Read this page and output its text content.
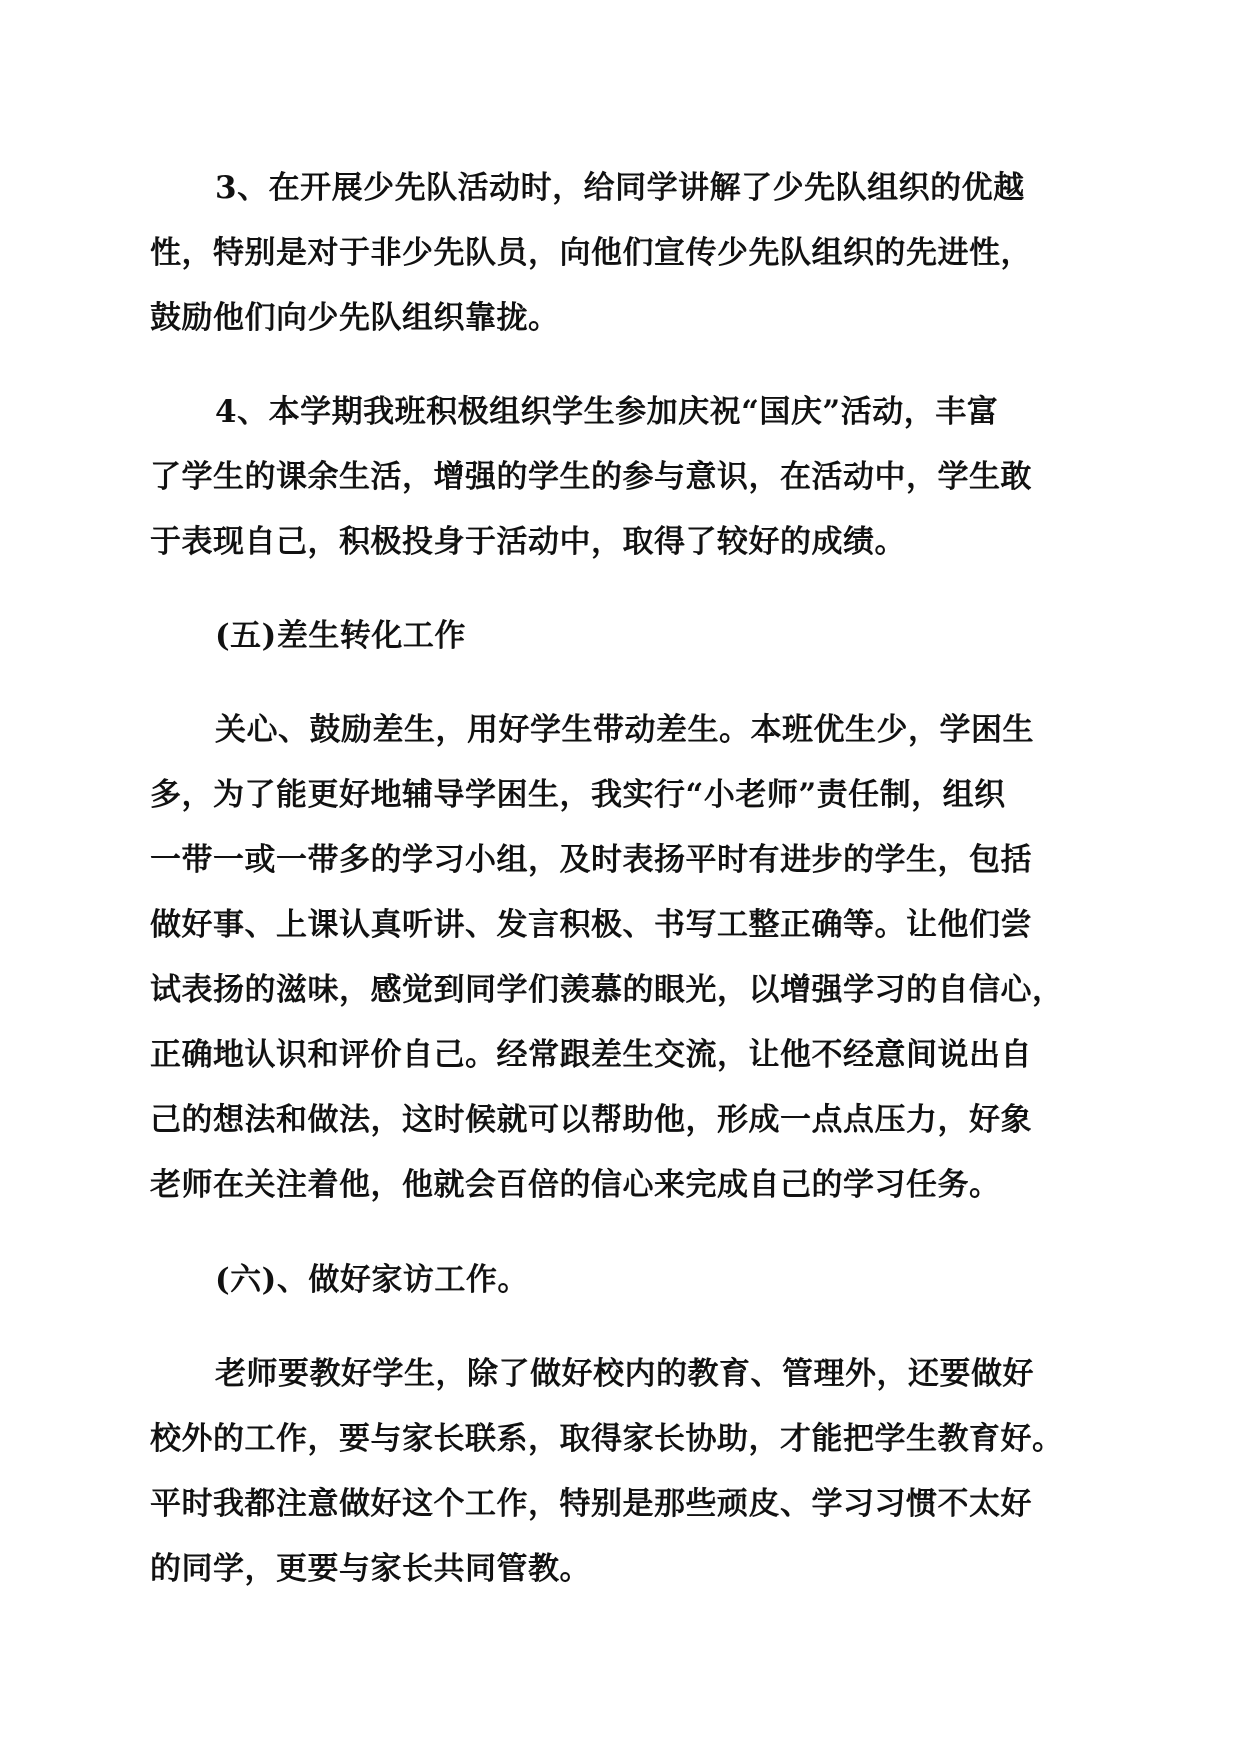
3、在开展少先队活动时，给同学讲解了少先队组织的优越
性，特别是对于非少先队员，向他们宣传少先队组织的先进性，
鼓励他们向少先队组织靠拢。
4、本学期我班积极组织学生参加庆祝“国庆”活动，丰富
了学生的课余生活，增强的学生的参与意识，在活动中，学生敢
于表现自己，积极投身于活动中，取得了较好的成绩。
(五)差生转化工作
关心、鼓励差生，用好学生带动差生。本班优生少，学困生
多，为了能更好地辅导学困生，我实行“小老师”责任制，组织
一带一或一带多的学习小组，及时表扬平时有进步的学生，包括
做好事、上课认真听讲、发言积极、书写工整正确等。让他们尝
试表扬的滋味，感觉到同学们羡慕的眼光，以增强学习的自信心，
正确地认识和评价自己。经常跟差生交流，让他不经意间说出自
己的想法和做法，这时候就可以帮助他，形成一点点压力，好象
老师在关注着他，他就会百倍的信心来完成自己的学习任务。
(六)、做好家访工作。
老师要教好学生，除了做好校内的教育、管理外，还要做好
校外的工作，要与家长联系，取得家长协助，才能把学生教育好。
平时我都注意做好这个工作，特别是那些顽皮、学习习惯不太好
的同学，更要与家长共同管教。
